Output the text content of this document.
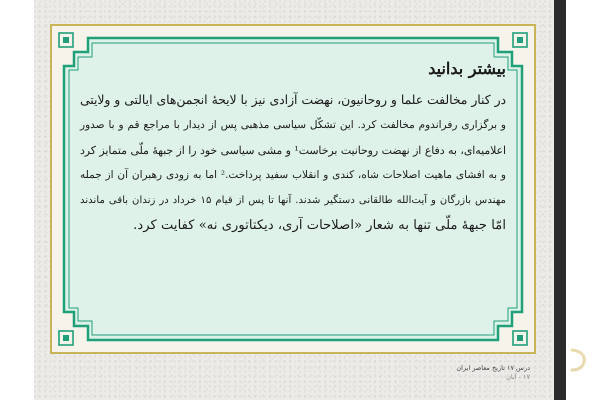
بیشتر بدانید
در کنار مخالفت علما و روحانیون، نهضت آزادی نیز با لایحهٔ انجمن‌های ایالتی و ولایتی
و برگزاری رفراندوم مخالفت کرد. این تشکّل سیاسی مذهبی پس از دیدار با مراجع قم و با صدور
اعلامیه‌ای، به دفاع از نهضت روحانیت برخاست¹ و مشی سیاسی خود را از جبههٔ ملّی متمایز کرد
و به افشای ماهیت اصلاحات شاه، کندی و انقلاب سفید پرداخت.² اما به زودی رهبران آن از جمله
مهندس بازرگان و آیت‌الله طالقانی دستگیر شدند. آنها تا پس از قیام ۱۵ خرداد در زندان باقی ماندند
امّا جبههٔ ملّی تنها به شعار «اصلاحات آری، دیکتاتوری نه» کفایت کرد.
درس ۱۷ تاریخ معاصر ایران
۱۷ - آبان ۰
